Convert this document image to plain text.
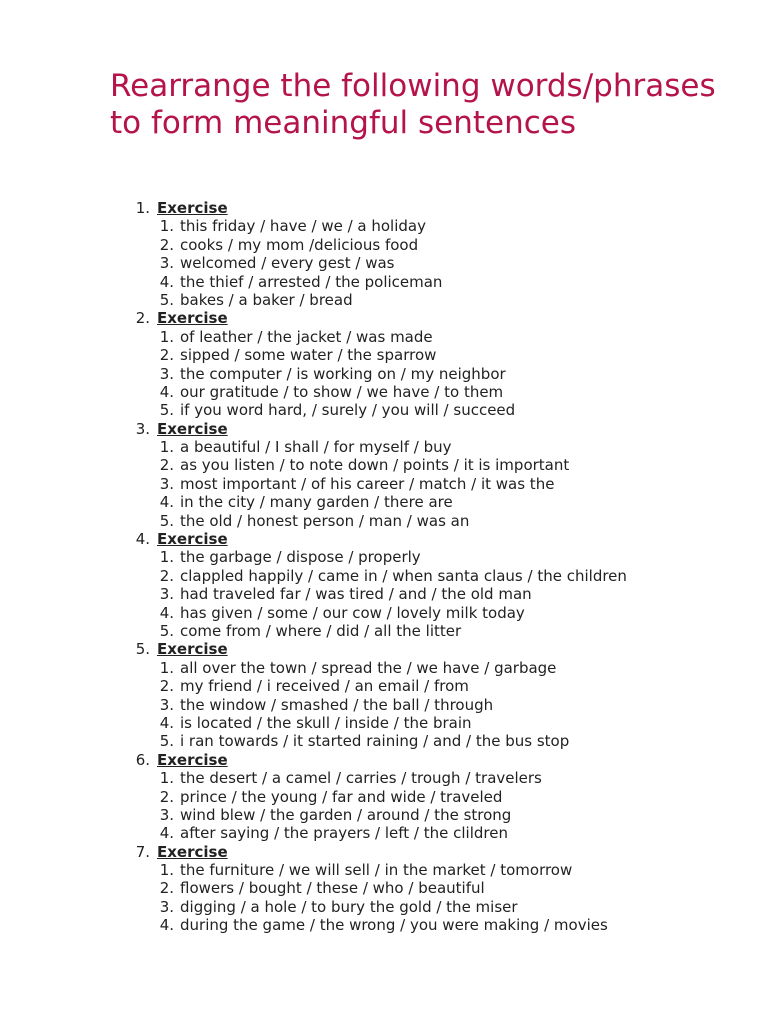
Rearrange the following words/phrases to form meaningful sentences
1. Exercise
1. this friday / have / we / a holiday
2. cooks / my mom /delicious food
3. welcomed / every gest / was
4. the thief / arrested / the policeman
5. bakes / a baker / bread
2. Exercise
1. of leather / the jacket / was made
2. sipped / some water / the sparrow
3. the computer / is working on / my neighbor
4. our gratitude / to show / we have / to them
5. if you word hard, / surely / you will / succeed
3. Exercise
1. a beautiful / I shall / for myself / buy
2. as you listen / to note down / points / it is important
3. most important / of his career / match / it was the
4. in the city / many garden / there are
5. the old / honest person / man / was an
4. Exercise
1. the garbage / dispose / properly
2. clappled happily / came in / when santa claus / the children
3. had traveled far / was tired / and / the old man
4. has given / some / our cow / lovely milk today
5. come from / where / did / all the litter
5. Exercise
1. all over the town / spread the / we have / garbage
2. my friend / i received / an email / from
3. the window / smashed / the ball / through
4. is located / the skull / inside / the brain
5. i ran towards / it started raining / and / the bus stop
6. Exercise
1. the desert / a camel / carries / trough / travelers
2. prince / the young / far and wide / traveled
3. wind blew / the garden / around / the strong
4. after saying / the prayers / left / the clildren
7. Exercise
1. the furniture / we will sell / in the market / tomorrow
2. flowers / bought / these / who / beautiful
3. digging / a hole / to bury the gold / the miser
4. during the game / the wrong / you were making / movies
